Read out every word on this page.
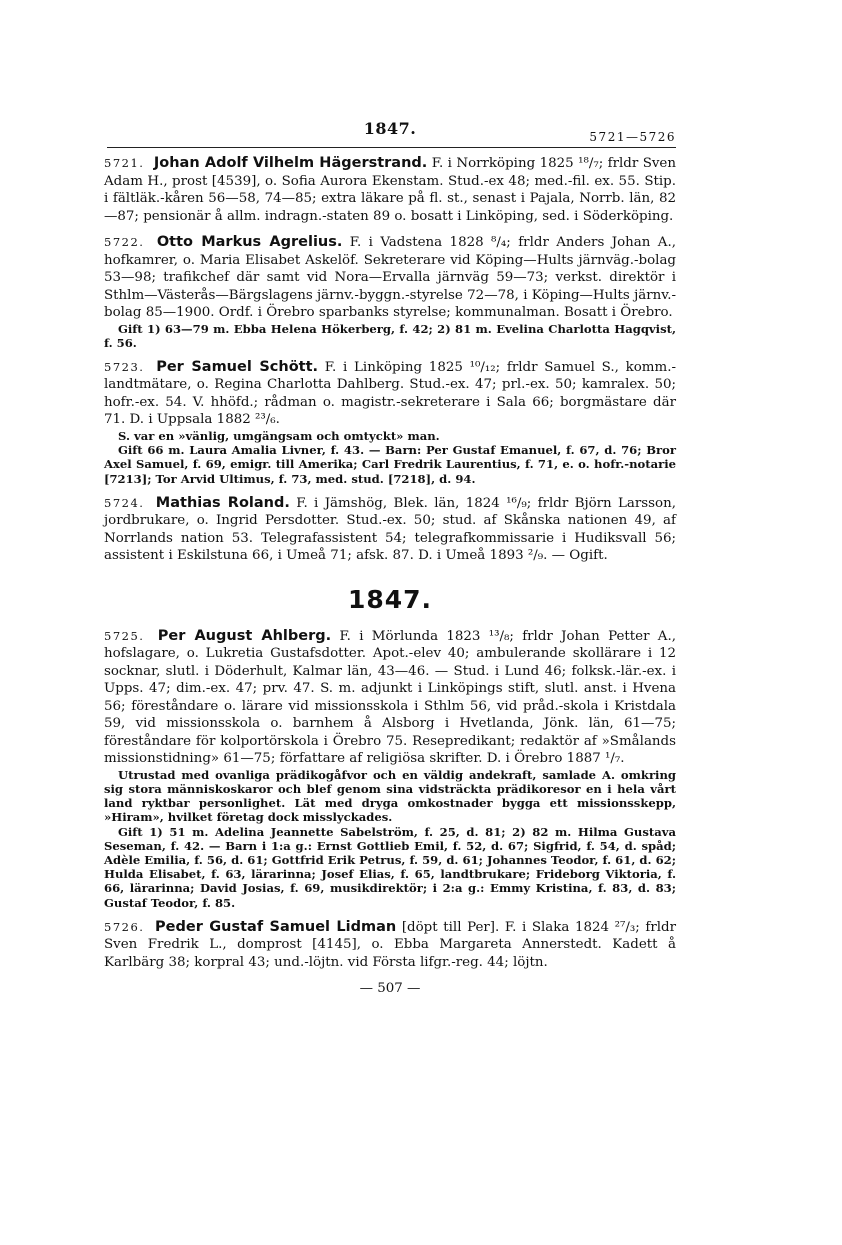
1847.	5721—5726
5721. Johan Adolf Vilhelm Hägerstrand. F. i Norrköping 1825 ¹⁸/₇; frldr Sven Adam H., prost [4539], o. Sofia Aurora Ekenstam. Stud.-ex 48; med.-fil. ex. 55. Stip. i fältläk.-kåren 56—58, 74—85; extra läkare på fl. st., senast i Pajala, Norrb. län, 82—87; pensionär å allm. indragn.-staten 89 o. bosatt i Linköping, sed. i Söderköping.
5722. Otto Markus Agrelius. F. i Vadstena 1828 ⁸/₄; frldr Anders Johan A., hofkamrer, o. Maria Elisabet Askelöf. Sekreterare vid Köping—Hults järnväg.-bolag 53—98; trafikchef där samt vid Nora—Ervalla järnväg 59—73; verkst. direktör i Sthlm—Västerås—Bärgslagens järnv.-byggn.-styrelse 72—78, i Köping—Hults järnv.-bolag 85—1900. Ordf. i Örebro sparbanks styrelse; kommunalman. Bosatt i Örebro.
Gift 1) 63—79 m. Ebba Helena Hökerberg, f. 42; 2) 81 m. Evelina Charlotta Hagqvist, f. 56.
5723. Per Samuel Schött. F. i Linköping 1825 ¹⁰/₁₂; frldr Samuel S., komm.-landtmätare, o. Regina Charlotta Dahlberg. Stud.-ex. 47; prl.-ex. 50; kamralex. 50; hofr.-ex. 54. V. hhöfd.; rådman o. magistr.-sekreterare i Sala 66; borgmästare där 71. D. i Uppsala 1882 ²³/₆.
S. var en »vänlig, umgängsam och omtyckt» man.
Gift 66 m. Laura Amalia Livner, f. 43. — Barn: Per Gustaf Emanuel, f. 67, d. 76; Bror Axel Samuel, f. 69, emigr. till Amerika; Carl Fredrik Laurentius, f. 71, e. o. hofr.-notarie [7213]; Tor Arvid Ultimus, f. 73, med. stud. [7218], d. 94.
5724. Mathias Roland. F. i Jämshög, Blek. län, 1824 ¹⁶/₉; frldr Björn Larsson, jordbrukare, o. Ingrid Persdotter. Stud.-ex. 50; stud. af Skånska nationen 49, af Norrlands nation 53. Telegrafassistent 54; telegrafkommissarie i Hudiksvall 56; assistent i Eskilstuna 66, i Umeå 71; afsk. 87. D. i Umeå 1893 ²/₉. — Ogift.
1847.
5725. Per August Ahlberg. F. i Mörlunda 1823 ¹³/₈; frldr Johan Petter A., hofslagare, o. Lukretia Gustafsdotter. Apot.-elev 40; ambulerande skollärare i 12 socknar, slutl. i Döderhult, Kalmar län, 43—46. — Stud. i Lund 46; folksk.-lär.-ex. i Upps. 47; dim.-ex. 47; prv. 47. S. m. adjunkt i Linköpings stift, slutl. anst. i Hvena 56; föreståndare o. lärare vid missionsskola i Sthlm 56, vid pråd.-skola i Kristdala 59, vid missionsskola o. barnhem å Alsborg i Hvetlanda, Jönk. län, 61—75; föreståndare för kolportörskola i Örebro 75. Resepredikant; redaktör af »Smålands missionstidning» 61—75; författare af religiösa skrifter. D. i Örebro 1887 ¹/₇.
Utrustad med ovanliga prädikogåfvor och en väldig andekraft, samlade A. omkring sig stora människoskaror och blef genom sina vidsträckta prädikoresor en i hela vårt land ryktbar personlighet. Lät med dryga omkostnader bygga ett missionsskepp, »Hiram», hvilket företag dock misslyckades.
Gift 1) 51 m. Adelina Jeannette Sabelström, f. 25, d. 81; 2) 82 m. Hilma Gustava Seseman, f. 42. — Barn i 1:a g.: Ernst Gottlieb Emil, f. 52, d. 67; Sigfrid, f. 54, d. spåd; Adèle Emilia, f. 56, d. 61; Gottfrid Erik Petrus, f. 59, d. 61; Johannes Teodor, f. 61, d. 62; Hulda Elisabet, f. 63, lärarinna; Josef Elias, f. 65, landtbrukare; Frideborg Viktoria, f. 66, lärarinna; David Josias, f. 69, musikdirektör; i 2:a g.: Emmy Kristina, f. 83, d. 83; Gustaf Teodor, f. 85.
5726. Peder Gustaf Samuel Lidman [döpt till Per]. F. i Slaka 1824 ²⁷/₃; frldr Sven Fredrik L., domprost [4145], o. Ebba Margareta Annerstedt. Kadett å Karlbärg 38; korpral 43; und.-löjtn. vid Första lifgr.-reg. 44; löjtn.
— 507 —
